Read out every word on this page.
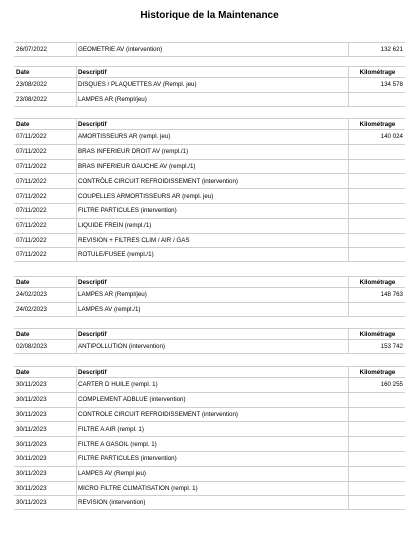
Historique de la Maintenance
26/07/2022	GEOMETRIE AV (intervention)	132 621
Date	Descriptif	Kilométrage
23/08/2022	DISQUES / PLAQUETTES AV (Rempl. jeu)	134 578
23/08/2022	LAMPES AR (Rempl/jeu)
Date	Descriptif	Kilométrage
07/11/2022	AMORTISSEURS AR (rempl. jeu)	140 024
07/11/2022	BRAS INFERIEUR DROIT AV (rempl./1)
07/11/2022	BRAS INFERIEUR GAUCHE AV (rempl./1)
07/11/2022	CONTRÔLE CIRCUIT REFROIDISSEMENT (intervention)
07/11/2022	COUPELLES ARMORTISSEURS AR (rempl. jeu)
07/11/2022	FILTRE PARTICULES (intervention)
07/11/2022	LIQUIDE FREIN (rempl./1)
07/11/2022	REVISION + FILTRES CLIM / AIR / GAS
07/11/2022	ROTULE/FUSEE (rempl./1)
Date	Descriptif	Kilométrage
24/02/2023	LAMPES AR (Rempl/jeu)	148 763
24/02/2023	LAMPES AV (rempl./1)
Date	Descriptif	Kilométrage
02/08/2023	ANTIPOLLUTION (intervention)	153 742
Date	Descriptif	Kilométrage
30/11/2023	CARTER D HUILE (rempl. 1)	160 255
30/11/2023	COMPLEMENT ADBLUE (intervention)
30/11/2023	CONTROLE CIRCUIT REFROIDISSEMENT (intervention)
30/11/2023	FILTRE A AIR (rempl. 1)
30/11/2023	FILTRE A GASOIL (rempl. 1)
30/11/2023	FILTRE PARTICULES (intervention)
30/11/2023	LAMPES AV (Rempl jeu)
30/11/2023	MICRO FILTRE CLIMATISATION (rempl. 1)
30/11/2023	REVISION (intervention)
